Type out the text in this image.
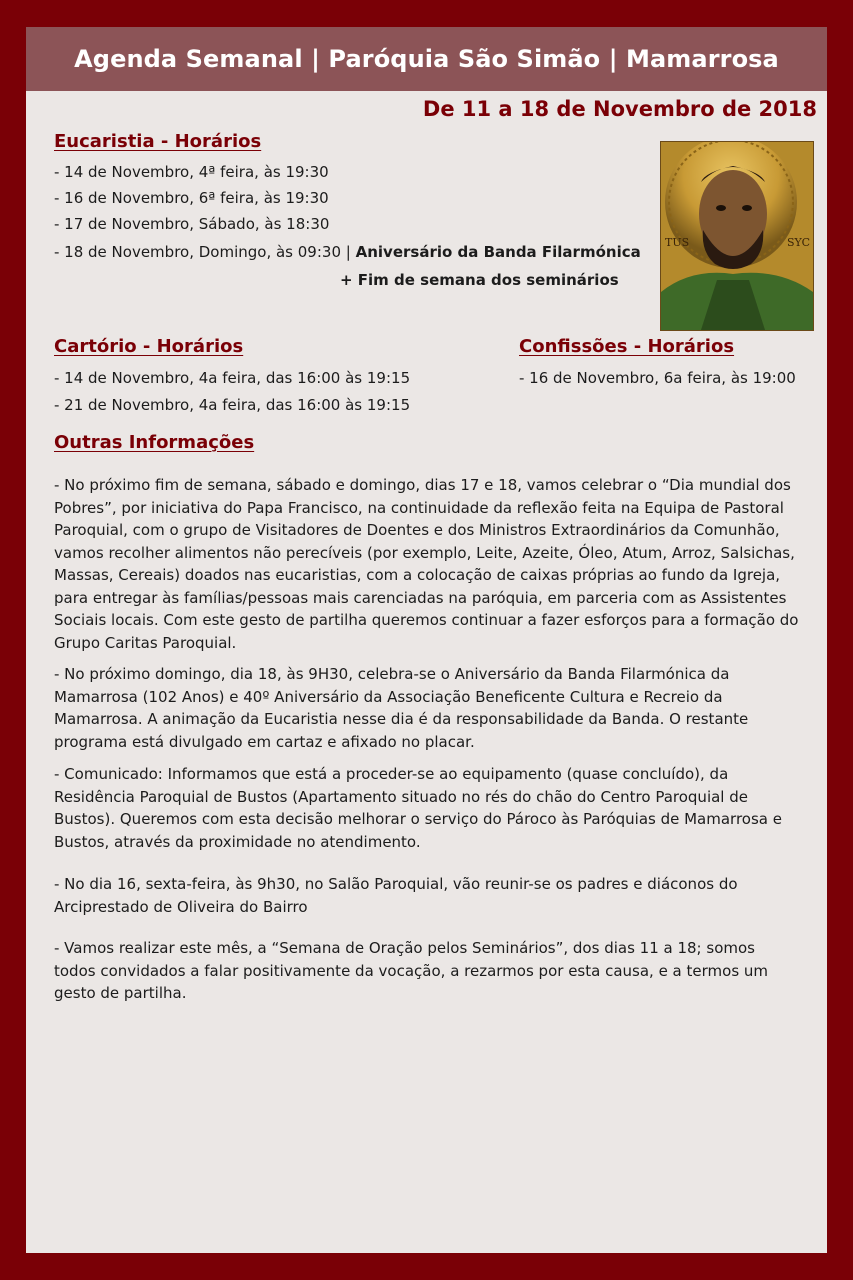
Agenda Semanal | Paróquia São Simão | Mamarrosa
De 11 a 18 de Novembro de 2018
Eucaristia - Horários
- 14 de Novembro, 4ª feira, às 19:30
- 16 de Novembro, 6ª feira, às 19:30
- 17 de Novembro, Sábado, às 18:30
- 18 de Novembro, Domingo, às 09:30 | Aniversário da Banda Filarmónica
+ Fim de semana dos seminários
TUS	SYC
Cartório - Horários
- 14 de Novembro, 4a feira, das 16:00 às 19:15
- 21 de Novembro, 4a feira, das 16:00 às 19:15
Confissões - Horários
- 16 de Novembro, 6a feira, às 19:00
Outras Informações

- No próximo fim de semana, sábado e domingo, dias 17 e 18, vamos celebrar o “Dia mundial dos Pobres”, por iniciativa do Papa Francisco, na continuidade da reflexão feita na Equipa de Pastoral Paroquial, com o grupo de Visitadores de Doentes e dos Ministros Extraordinários da Comunhão, vamos recolher alimentos não perecíveis (por exemplo, Leite, Azeite, Óleo, Atum, Arroz, Salsichas, Massas, Cereais) doados nas eucaristias, com a colocação de caixas próprias ao fundo da Igreja, para entregar às famílias/pessoas mais carenciadas na paróquia, em parceria com as Assistentes Sociais locais. Com este gesto de partilha queremos continuar a fazer esforços para a formação do Grupo Caritas Paroquial.

- No próximo domingo, dia 18, às 9H30, celebra-se o Aniversário da Banda Filarmónica da Mamarrosa (102 Anos) e 40º Aniversário da Associação Beneficente Cultura e Recreio da Mamarrosa. A animação da Eucaristia nesse dia é da responsabilidade da Banda. O restante programa está divulgado em cartaz e afixado no placar.

- Comunicado: Informamos que está a proceder-se ao equipamento (quase concluído), da Residência Paroquial de Bustos (Apartamento situado no rés do chão do Centro Paroquial de Bustos). Queremos com esta decisão melhorar o serviço do Pároco às Paróquias de Mamarrosa e Bustos, através da proximidade no atendimento.

- No dia 16, sexta-feira, às 9h30, no Salão Paroquial, vão reunir-se os padres e diáconos do Arciprestado de Oliveira do Bairro

- Vamos realizar este mês, a “Semana de Oração pelos Seminários”, dos dias 11 a 18; somos todos convidados a falar positivamente da vocação, a rezarmos por esta causa, e a termos um gesto de partilha.
